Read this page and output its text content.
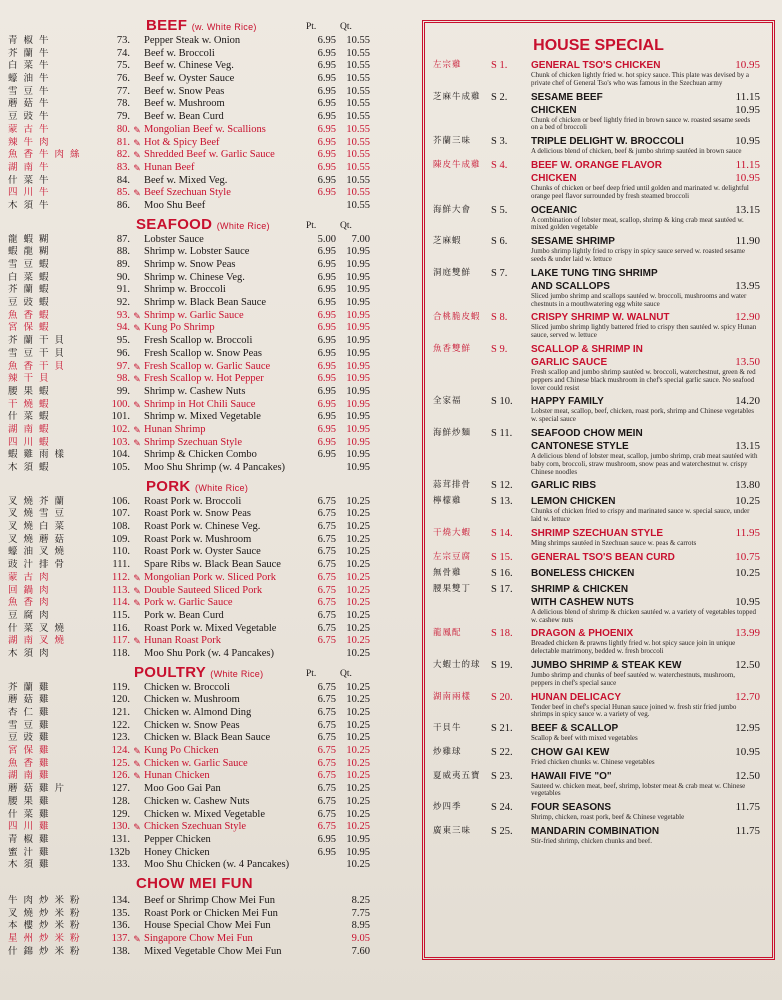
BEEF (w. White Rice)	Pt. Qt.
青椒牛	73. Pepper Steak w. Onion	6.95 10.55
芥蘭牛	74. Beef w. Broccoli	6.95 10.55
白菜牛	75. Beef w. Chinese Veg.	6.95 10.55
蠔油牛	76. Beef w. Oyster Sauce	6.95 10.55
雪豆牛	77. Beef w. Snow Peas	6.95 10.55
蘑菇牛	78. Beef w. Mushroom	6.95 10.55
豆豉牛	79. Beef w. Bean Curd	6.95 10.55
蒙古牛	80. ✎ Mongolian Beef w. Scallions	6.95 10.55
辣牛肉	81. ✎ Hot & Spicy Beef	6.95 10.55
魚香牛肉絲	82. ✎ Shredded Beef w. Garlic Sauce	6.95 10.55
湖南牛	83. ✎ Hunan Beef	6.95 10.55
什菜牛	84. Beef w. Mixed Veg.	6.95 10.55
四川牛	85. ✎ Beef Szechuan Style	6.95 10.55
木須牛	86. Moo Shu Beef	10.55
SEAFOOD (White Rice)	Pt. Qt.
龍蝦糊	87. Lobster Sauce	5.00	7.00
蝦龍糊	88. Shrimp w. Lobster Sauce	6.95 10.95
雪豆蝦	89. Shrimp w. Snow Peas	6.95 10.95
白菜蝦	90. Shrimp w. Chinese Veg.	6.95 10.95
芥蘭蝦	91. Shrimp w. Broccoli	6.95 10.95
豆豉蝦	92. Shrimp w. Black Bean Sauce	6.95 10.95
魚香蝦	93. ✎ Shrimp w. Garlic Sauce	6.95 10.95
宮保蝦	94. ✎ Kung Po Shrimp	6.95 10.95
芥蘭干貝	95. Fresh Scallop w. Broccoli	6.95 10.95
雪豆干貝	96. Fresh Scallop w. Snow Peas	6.95 10.95
魚香干貝	97. ✎ Fresh Scallop w. Garlic Sauce	6.95 10.95
辣干貝	98. ✎ Fresh Scallop w. Hot Pepper	6.95 10.95
腰果蝦	99. Shrimp w. Cashew Nuts	6.95 10.95
干燒蝦	100. ✎ Shrimp in Hot Chili Sauce	6.95 10.95
什菜蝦	101. Shrimp w. Mixed Vegetable	6.95 10.95
湖南蝦	102. ✎ Hunan Shrimp	6.95 10.95
四川蝦	103. ✎ Shrimp Szechuan Style	6.95 10.95
蝦雞雨樣	104. Shrimp & Chicken Combo	6.95 10.95
木須蝦	105. Moo Shu Shrimp (w. 4 Pancakes)	10.95
PORK (White Rice)
叉燒芥蘭	106. Roast Pork w. Broccoli	6.75 10.25
叉燒雪豆	107. Roast Pork w. Snow Peas	6.75 10.25
叉燒白菜	108. Roast Pork w. Chinese Veg.	6.75 10.25
叉燒蘑菇	109. Roast Pork w. Mushroom	6.75 10.25
蠔油叉燒	110. Roast Pork w. Oyster Sauce	6.75 10.25
豉汁排骨	111. Spare Ribs w. Black Bean Sauce	6.75 10.25
蒙古肉	112. ✎ Mongolian Pork w. Sliced Pork	6.75 10.25
回鍋肉	113. ✎ Double Sauteed Sliced Pork	6.75 10.25
魚香肉	114. ✎ Pork w. Garlic Sauce	6.75 10.25
豆腐肉	115. Pork w. Bean Curd	6.75 10.25
什菜叉燒	116. Roast Pork w. Mixed Vegetable	6.75 10.25
湖南叉燒	117. ✎ Hunan Roast Pork	6.75 10.25
木須肉	118. Moo Shu Pork (w. 4 Pancakes)	10.25
POULTRY (White Rice)	Pt. Qt.
芥蘭雞	119. Chicken w. Broccoli	6.75 10.25
蘑菇雞	120. Chicken w. Mushroom	6.75 10.25
杏仁雞	121. Chicken w. Almond Ding	6.75 10.25
雪豆雞	122. Chicken w. Snow Peas	6.75 10.25
豆豉雞	123. Chicken w. Black Bean Sauce	6.75 10.25
宮保雞	124. ✎ Kung Po Chicken	6.75 10.25
魚香雞	125. ✎ Chicken w. Garlic Sauce	6.75 10.25
湖南雞	126. ✎ Hunan Chicken	6.75 10.25
蘑菇雞片	127. Moo Goo Gai Pan	6.75 10.25
腰果雞	128. Chicken w. Cashew Nuts	6.75 10.25
什菜雞	129. Chicken w. Mixed Vegetable	6.75 10.25
四川雞	130. ✎ Chicken Szechuan Style	6.75 10.25
青椒雞	131. Pepper Chicken	6.95 10.95
蜜汁雞	132b Honey Chicken	6.95 10.95
木須雞	133. Moo Shu Chicken (w. 4 Pancakes)	10.25
CHOW MEI FUN
牛肉炒米粉	134. Beef or Shrimp Chow Mei Fun	8.25
叉燒炒米粉	135. Roast Pork or Chicken Mei Fun	7.75
本樓炒米粉	136. House Special Chow Mei Fun	8.95
星州炒米粉	137. ✎ Singapore Chow Mei Fun	9.05
什錦炒米粉	138. Mixed Vegetable Chow Mei Fun	7.60
HOUSE SPECIAL
左宗雞	S 1.	GENERAL TSO'S CHICKEN	10.95
Chunk of chicken lightly fried w. hot spicy sauce. This plate was devised by a private chef of General Tso's who was famous in the Szechuan army
芝麻牛成雞 S 2.	SESAME BEEF	11.15
CHICKEN	10.95
Chunk of chicken or beef lightly fried in brown sauce w. roasted sesame seeds on a bed of broccoli
芥蘭三味	S 3.	TRIPLE DELIGHT W. BROCCOLI	10.95
A delicious blend of chicken, beef & jumbo shrimp sautéed in brown sauce
陳皮牛成雞 S 4.	BEEF W. ORANGE FLAVOR	11.15
CHICKEN	10.95
Chunks of chicken or beef deep fried until golden and marinated w. delightful orange peel flavor surrounded by fresh steamed broccoli
海鮮大會	S 5.	OCEANIC	13.15
A combination of lobster meat, scallop, shrimp & king crab meat sautéed w. mixed golden vegetable
芝麻蝦	S 6.	SESAME SHRIMP	11.90
Jumbo shrimp lightly fried to crispy in spicy sauce served w. roasted sesame seeds & under laid w. lettuce
洞庭雙鮮	S 7.	LAKE TUNG TING SHRIMP
AND SCALLOPS	13.95
Sliced jumbo shrimp and scallops sautéed w. broccoli, mushrooms and water chestnuts in a mouthwatering egg white sauce
合桃脆皮蝦 S 8.	CRISPY SHRIMP W. WALNUT	12.90
Sliced jumbo shrimp lightly battered fried to crispy then sautéed w. spicy Hunan sauce, served w. lettuce
魚香雙鮮	S 9.	SCALLOP & SHRIMP IN
GARLIC SAUCE	13.50
Fresh scallop and jumbo shrimp sautéed w. broccoli, waterchestnut, green & red peppers and Chinese black mushroom in chef's special garlic sauce. No seafood lover could resist
全家福	S 10.	HAPPY FAMILY	14.20
Lobster meat, scallop, beef, chicken, roast pork, shrimp and Chinese vegetables w. special sauce
海鮮炒麵	S 11.	SEAFOOD CHOW MEIN
CANTONESE STYLE	13.15
A delicious blend of lobster meat, scallop, jumbo shrimp, crab meat sautéed with baby corn, broccoli, straw mushroom, snow peas and waterchestnut w. crispy Chinese noodles
蒜茸排骨	S 12.	GARLIC RIBS	13.80
檸檬雞	S 13.	LEMON CHICKEN	10.25
Chunks of chicken fried to crispy and marinated sauce w. special sauce, under laid w. lettuce
干燒大蝦	S 14.	SHRIMP SZECHUAN STYLE	11.95
Ming shrimps sautéed in Szechuan sauce w. peas & carrots
左宗豆腐	S 15.	GENERAL TSO'S BEAN CURD	10.75
無骨雞	S 16.	BONELESS CHICKEN	10.25
腰果雙丁	S 17.	SHRIMP & CHICKEN
WITH CASHEW NUTS	10.95
A delicious blend of shrimp & chicken sautéed w. a variety of vegetables topped w. cashew nuts
龍鳳配	S 18.	DRAGON & PHOENIX	13.99
Breaded chicken & prawns lightly fried w. hot spicy sauce join in unique delectable matrimony, bedded w. fresh broccoli
大蝦士的球 S 19.	JUMBO SHRIMP & STEAK KEW	12.50
Jumbo shrimp and chunks of beef sautéed w. waterchestnuts, mushroom, peppers in chef's special sauce
湖南兩樣	S 20.	HUNAN DELICACY	12.70
Tender beef in chef's special Hunan sauce joined w. fresh stir fried jumbo shrimps in spicy sauce w. a variety of veg.
干貝牛	S 21.	BEEF & SCALLOP	12.95
Scallop & beef with mixed vegetables
炒雞球	S 22.	CHOW GAI KEW	10.95
Fried chicken chunks w. Chinese vegetables
夏威夷五寶 S 23.	HAWAII FIVE "O"	12.50
Sauteed w. chicken meat, beef, shrimp, lobster meat & crab meat w. Chinese vegetables
炒四季	S 24.	FOUR SEASONS	11.75
Shrimp, chicken, roast pork, beef & Chinese vegetable
廣東三味	S 25.	MANDARIN COMBINATION	11.75
Stir-fried shrimp, chicken chunks and beef.
